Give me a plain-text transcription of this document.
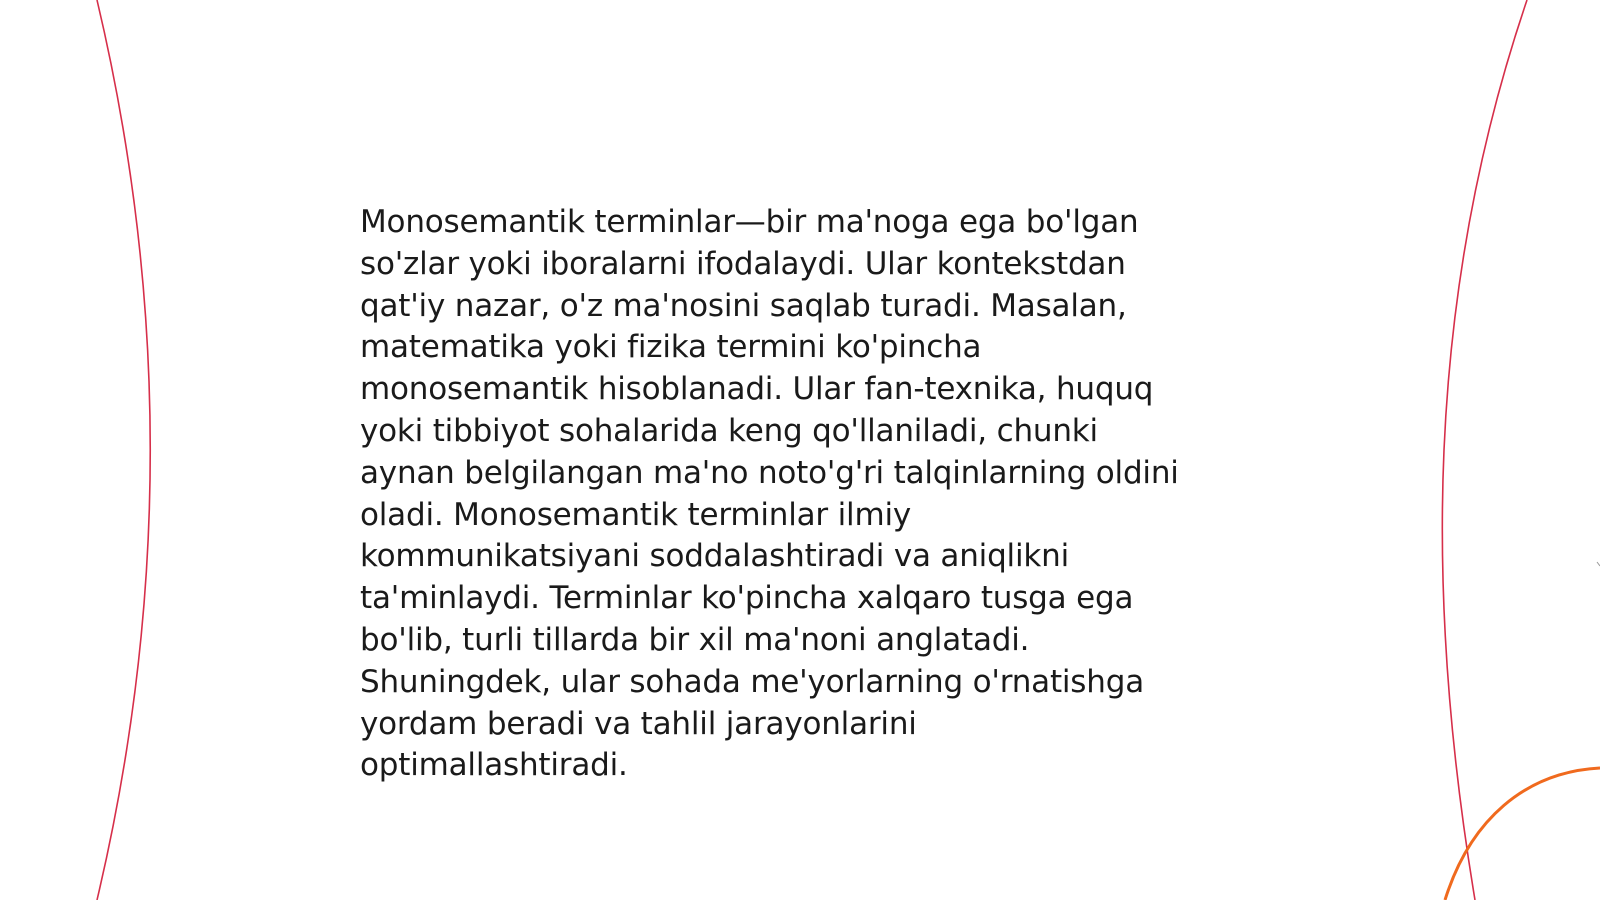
Monosemantik terminlar—bir ma'noga ega bo'lgan
so'zlar yoki iboralarni ifodalaydi. Ular kontekstdan
qat'iy nazar, o'z ma'nosini saqlab turadi. Masalan,
matematika yoki fizika termini ko'pincha
monosemantik hisoblanadi. Ular fan-texnika, huquq
yoki tibbiyot sohalarida keng qo'llaniladi, chunki
aynan belgilangan ma'no noto'g'ri talqinlarning oldini
oladi. Monosemantik terminlar ilmiy
kommunikatsiyani soddalashtiradi va aniqlikni
ta'minlaydi. Terminlar ko'pincha xalqaro tusga ega
bo'lib, turli tillarda bir xil ma'noni anglatadi.
Shuningdek, ular sohada me'yorlarning o'rnatishga
yordam beradi va tahlil jarayonlarini
optimallashtiradi.
